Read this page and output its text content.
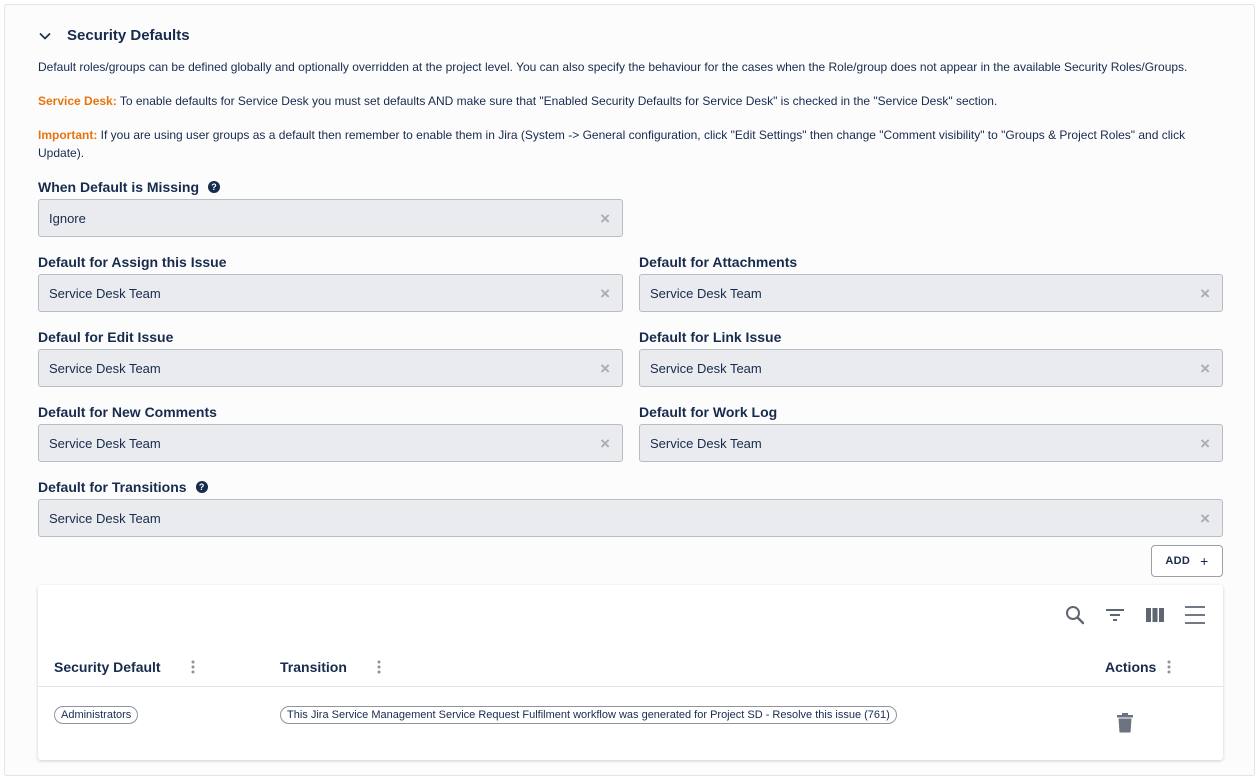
Security Defaults

Default roles/groups can be defined globally and optionally overridden at the project level. You can also specify the behaviour for the cases when the Role/group does not appear in the available Security Roles/Groups.

Service Desk: To enable defaults for Service Desk you must set defaults AND make sure that "Enabled Security Defaults for Service Desk" is checked in the "Service Desk" section.

Important: If you are using user groups as a default then remember to enable them in Jira (System -> General configuration, click "Edit Settings" then change "Comment visibility" to "Groups & Project Roles" and click Update).

When Default is Missing	?
Ignore	×
Default for Assign this Issue
Service Desk Team	×
Default for Attachments
Service Desk Team	×
Defaul for Edit Issue
Service Desk Team	×
Default for Link Issue
Service Desk Team	×
Default for New Comments
Service Desk Team	×
Default for Work Log
Service Desk Team	×
Default for Transitions	?
Service Desk Team	×
ADD +
Security Default	Transition	Actions
Administrators	This Jira Service Management Service Request Fulfilment workflow was generated for Project SD - Resolve this issue (761)
